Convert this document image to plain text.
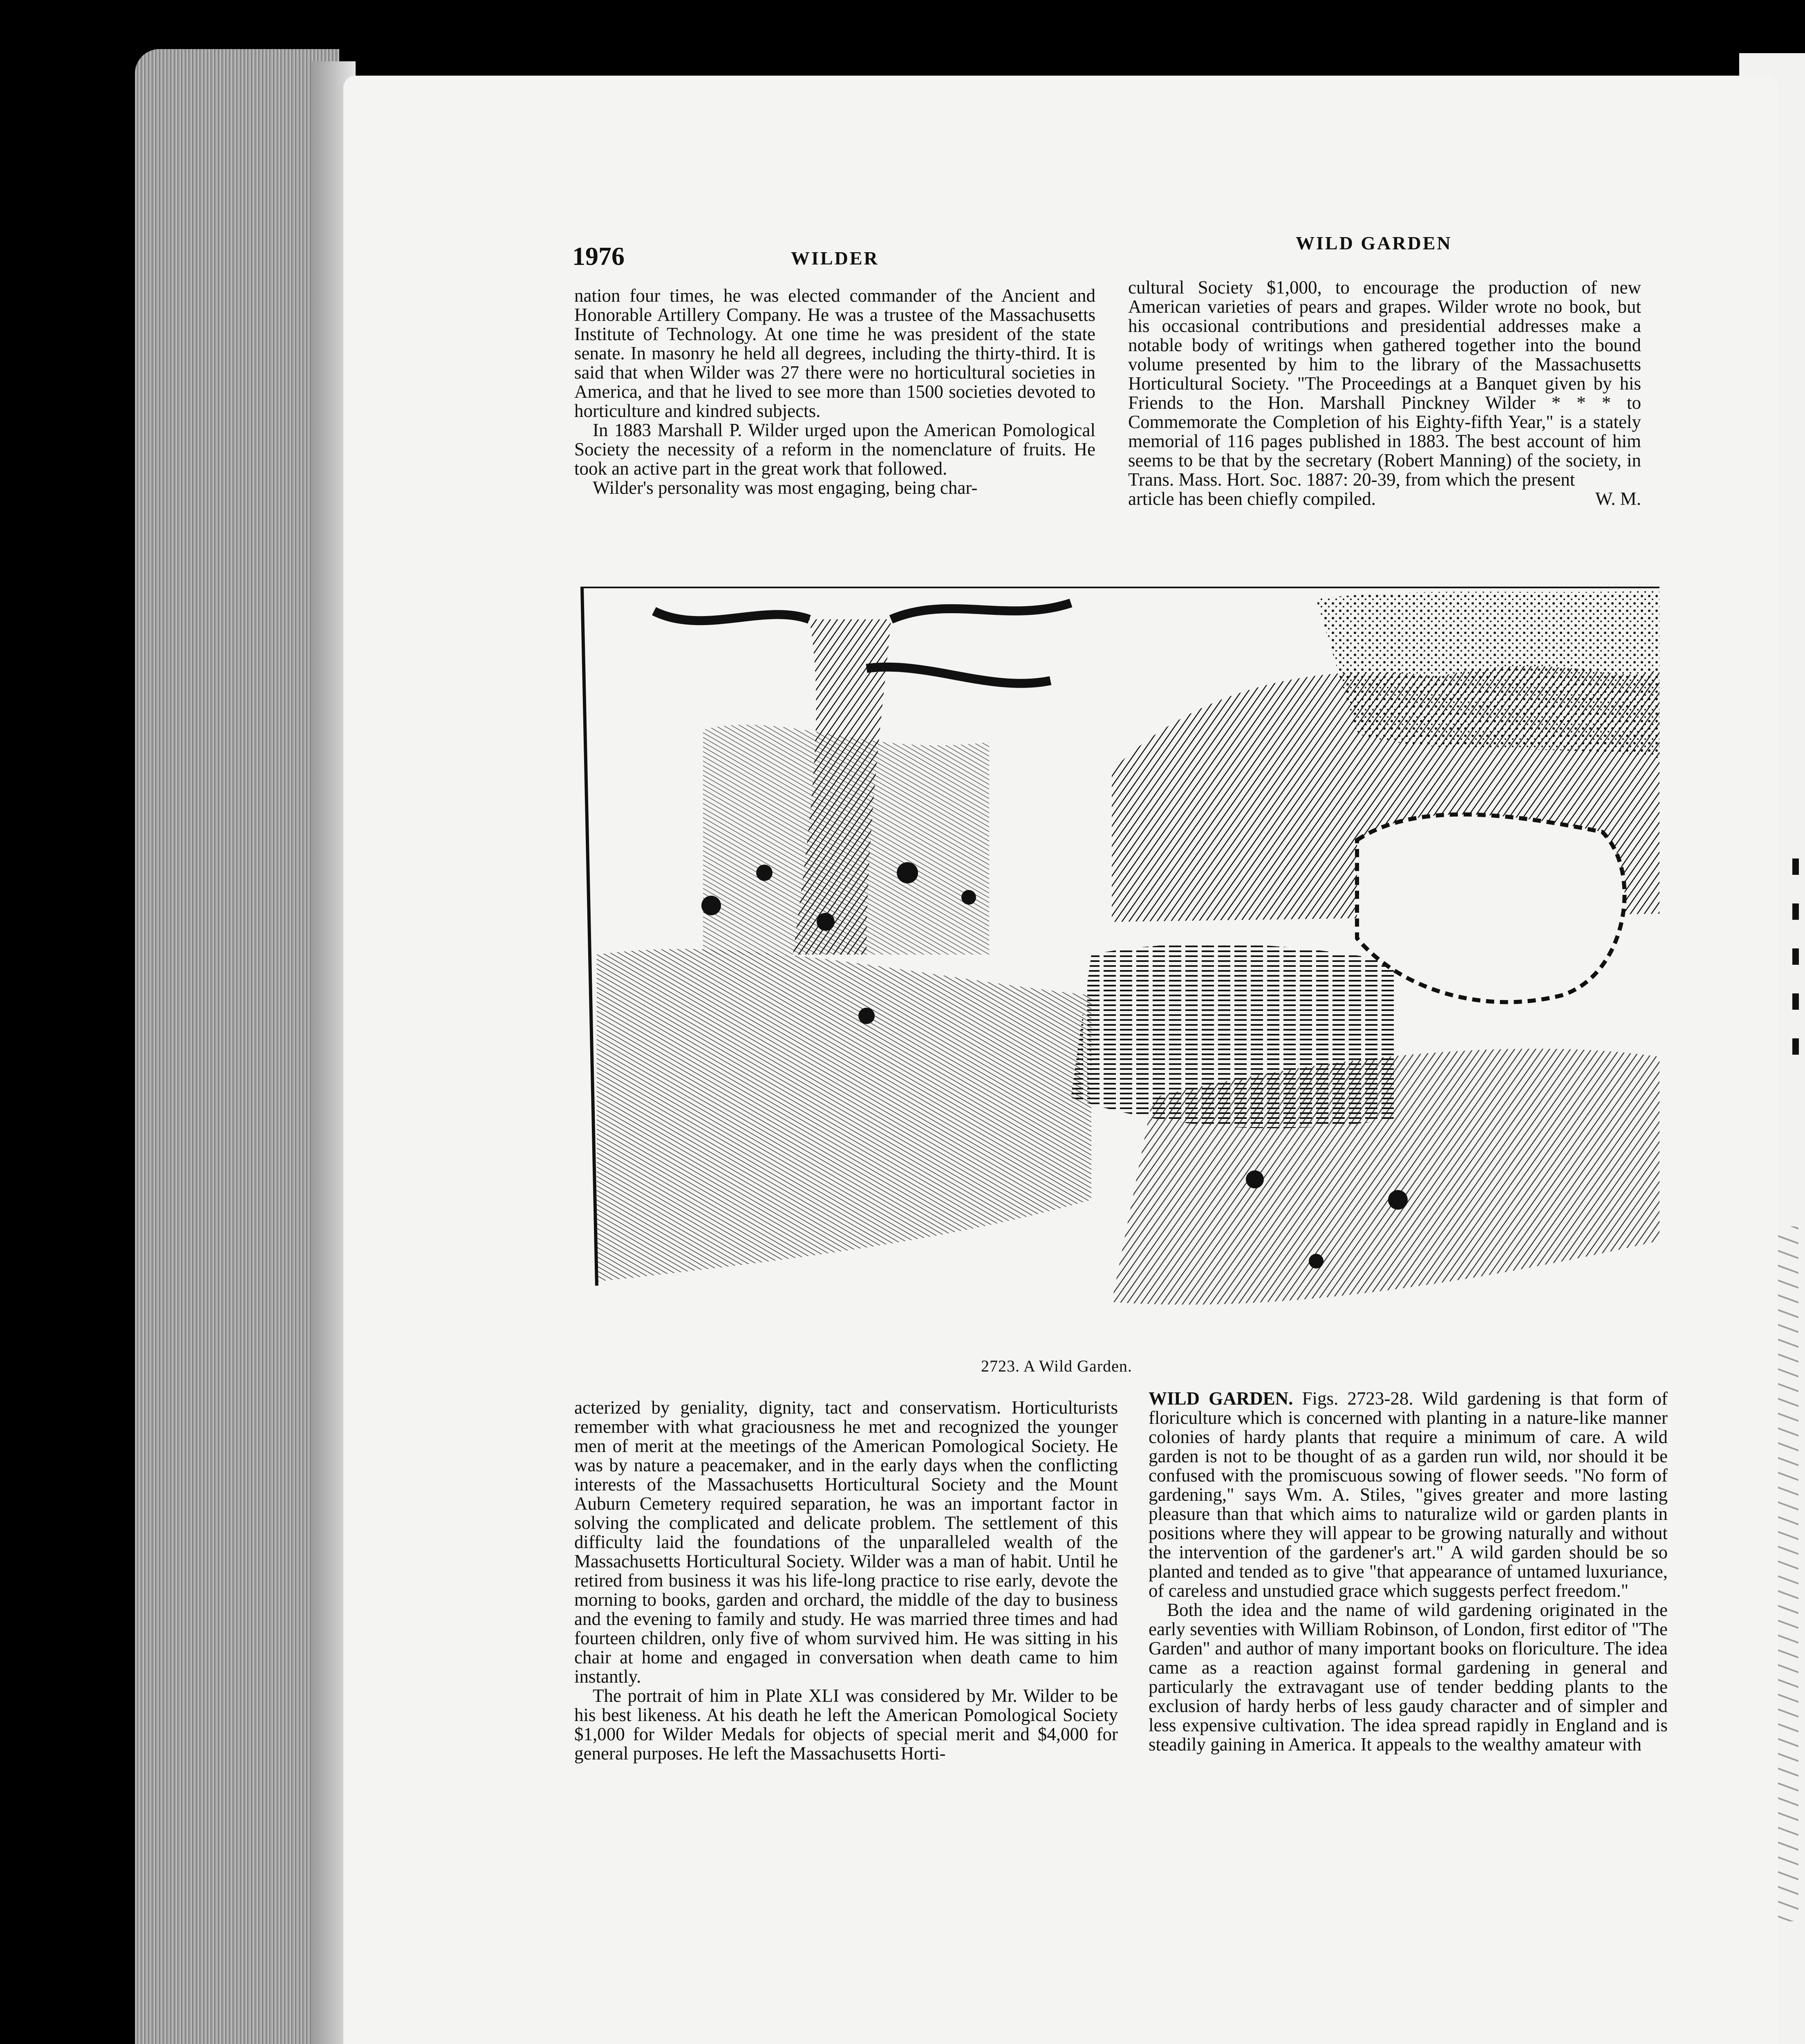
1976	WILDER
WILD GARDEN

nation four times, he was elected commander of the Ancient and Honorable Artillery Company. He was a trustee of the Massachusetts Institute of Technology. At one time he was president of the state senate. In masonry he held all degrees, including the thirty-third. It is said that when Wilder was 27 there were no horticultural societies in America, and that he lived to see more than 1500 societies devoted to horticulture and kindred subjects.

In 1883 Marshall P. Wilder urged upon the American Pomological Society the necessity of a reform in the nomenclature of fruits. He took an active part in the great work that followed.

Wilder's personality was most engaging, being char-

cultural Society $1,000, to encourage the production of new American varieties of pears and grapes. Wilder wrote no book, but his occasional contributions and presidential addresses make a notable body of writings when gathered together into the bound volume presented by him to the library of the Massachusetts Horticultural Society. "The Proceedings at a Banquet given by his Friends to the Hon. Marshall Pinckney Wilder * * * to Commemorate the Completion of his Eighty-fifth Year," is a stately memorial of 116 pages published in 1883. The best account of him seems to be that by the secretary (Robert Manning) of the society, in Trans. Mass. Hort. Soc. 1887: 20-39, from which the present

article has been chiefly compiled.	W. M.
2723. A Wild Garden.

acterized by geniality, dignity, tact and conservatism. Horticulturists remember with what graciousness he met and recognized the younger men of merit at the meetings of the American Pomological Society. He was by nature a peacemaker, and in the early days when the conflicting interests of the Massachusetts Horticultural Society and the Mount Auburn Cemetery required separation, he was an important factor in solving the complicated and delicate problem. The settlement of this difficulty laid the foundations of the unparalleled wealth of the Massachusetts Horticultural Society. Wilder was a man of habit. Until he retired from business it was his life-long practice to rise early, devote the morning to books, garden and orchard, the middle of the day to business and the evening to family and study. He was married three times and had fourteen children, only five of whom survived him. He was sitting in his chair at home and engaged in conversation when death came to him instantly.

The portrait of him in Plate XLI was considered by Mr. Wilder to be his best likeness. At his death he left the American Pomological Society $1,000 for Wilder Medals for objects of special merit and $4,000 for general purposes. He left the Massachusetts Horti-

WILD GARDEN. Figs. 2723-28. Wild gardening is that form of floriculture which is concerned with planting in a nature-like manner colonies of hardy plants that require a minimum of care. A wild garden is not to be thought of as a garden run wild, nor should it be confused with the promiscuous sowing of flower seeds. "No form of gardening," says Wm. A. Stiles, "gives greater and more lasting pleasure than that which aims to naturalize wild or garden plants in positions where they will appear to be growing naturally and without the intervention of the gardener's art." A wild garden should be so planted and tended as to give "that appearance of untamed luxuriance, of careless and unstudied grace which suggests perfect freedom."

Both the idea and the name of wild gardening originated in the early seventies with William Robinson, of London, first editor of "The Garden" and author of many important books on floriculture. The idea came as a reaction against formal gardening in general and particularly the extravagant use of tender bedding plants to the exclusion of hardy herbs of less gaudy character and of simpler and less expensive cultivation. The idea spread rapidly in England and is steadily gaining in America. It appeals to the wealthy amateur with
